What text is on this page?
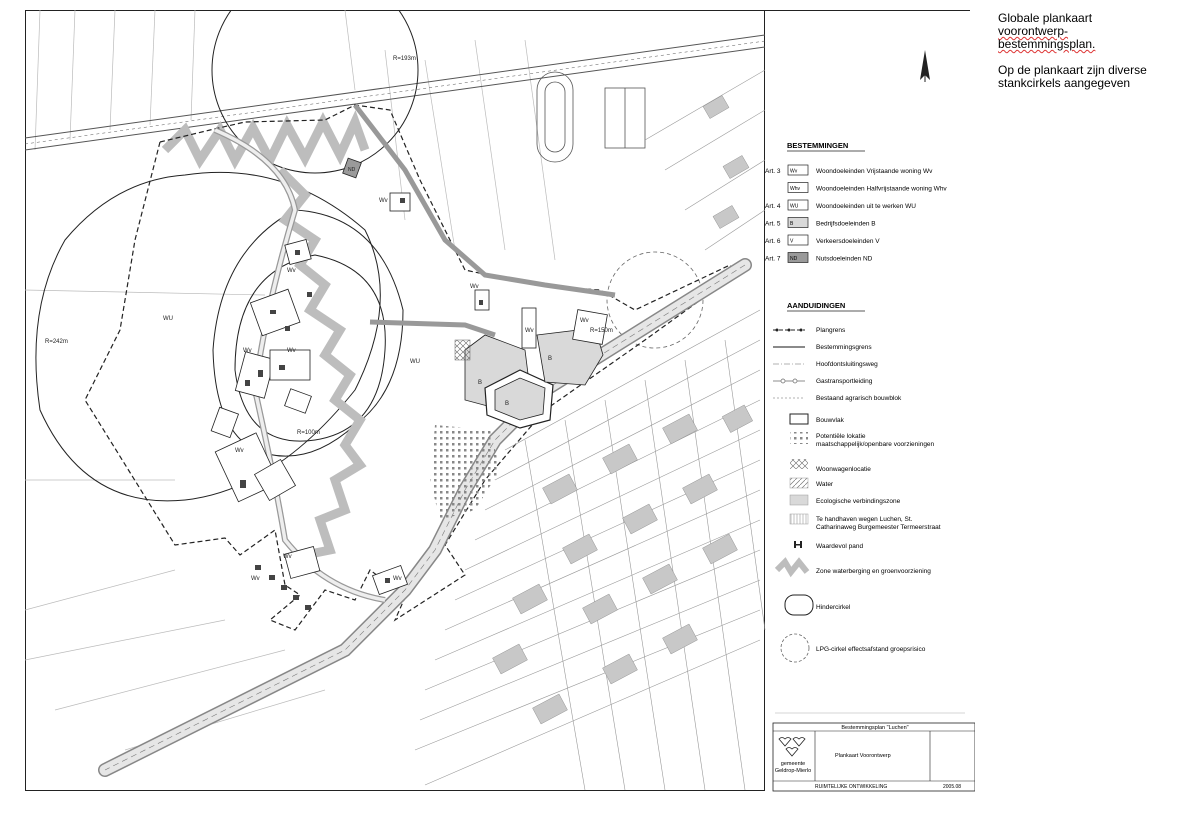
R=193m
R=242m
R=100m
R=150m
WU
WU
Wv
Wv	Wv
Wv
Wv
Wv
Wv
Wv
Wv
Wv	Wv
B
B
B
ND
BESTEMMINGEN
Art. 3 Wv	Woondoeleinden Vrijstaande woning Wv
Whv Woondoeleinden Halfvrijstaande woning Whv
Art. 4 WU	Woondoeleinden uit te werken WU
Art. 5 B	Bedrijfsdoeleinden B
Art. 6 V	Verkeersdoeleinden V
Art. 7 ND	Nutsdoeleinden ND
AANDUIDINGEN
Plangrens
Bestemmingsgrens
Hoofdontsluitingsweg
Gastransportleiding
Bestaand agrarisch bouwblok
Bouwvlak
Potentiële lokatie maatschappelijk/openbare voorzieningen
Woonwagenlocatie
Water
Ecologische verbindingszone
Te handhaven wegen Luchen, St. Catharinaweg Burgemeester Termeerstraat
Waardevol pand
Zone waterberging en groenvoorziening
Hindercirkel
LPG-cirkel effectsafstand groepsrisico
Bestemmingsplan "Luchen"
gemeente
Geldrop-Mierlo
Plankaart Voorontwerp
RUIMTELIJKE ONTWIKKELING	2005.08

Globale plankaart
voorontwerp-
bestemmingsplan.

Op de plankaart zijn diverse stankcirkels aangegeven
